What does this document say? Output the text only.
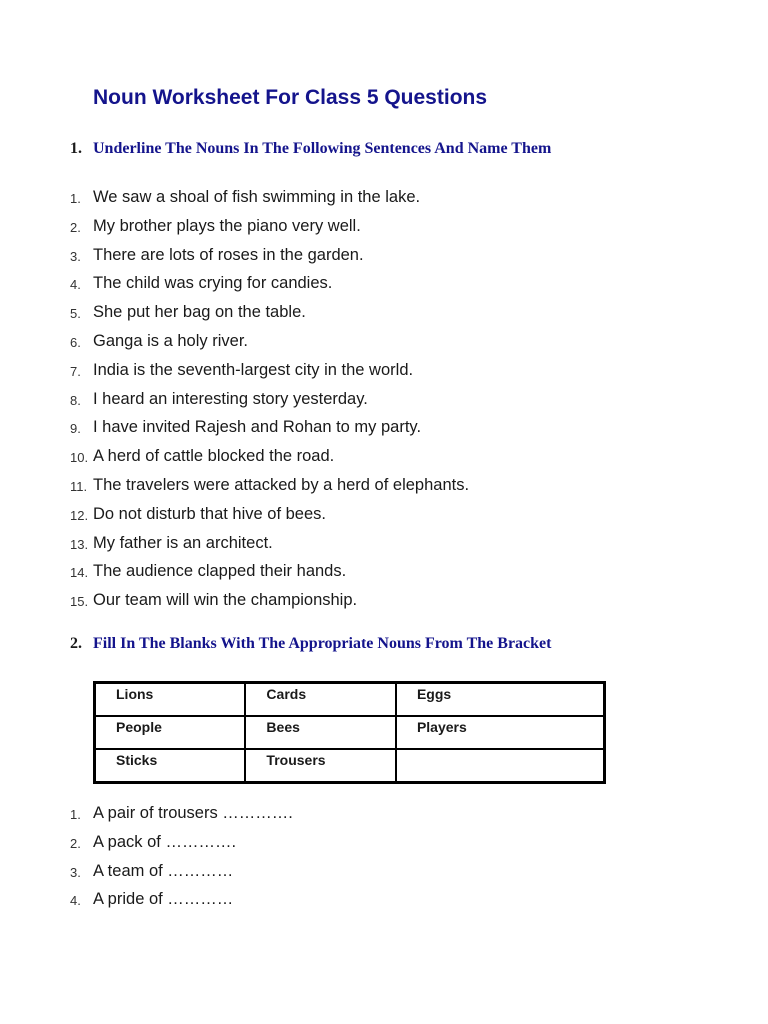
Noun Worksheet For Class 5 Questions
1. Underline The Nouns In The Following Sentences And Name Them
1. We saw a shoal of fish swimming in the lake.
2. My brother plays the piano very well.
3. There are lots of roses in the garden.
4. The child was crying for candies.
5. She put her bag on the table.
6. Ganga is a holy river.
7. India is the seventh-largest city in the world.
8. I heard an interesting story yesterday.
9. I have invited Rajesh and Rohan to my party.
10. A herd of cattle blocked the road.
11. The travelers were attacked by a herd of elephants.
12. Do not disturb that hive of bees.
13. My father is an architect.
14. The audience clapped their hands.
15. Our team will win the championship.
2. Fill In The Blanks With The Appropriate Nouns From The Bracket
Lions	Cards	Eggs
People	Bees	Players
Sticks	Trousers	
1. A pair of trousers ………….
2. A pack of ………….
3. A team of …………
4. A pride of …………
